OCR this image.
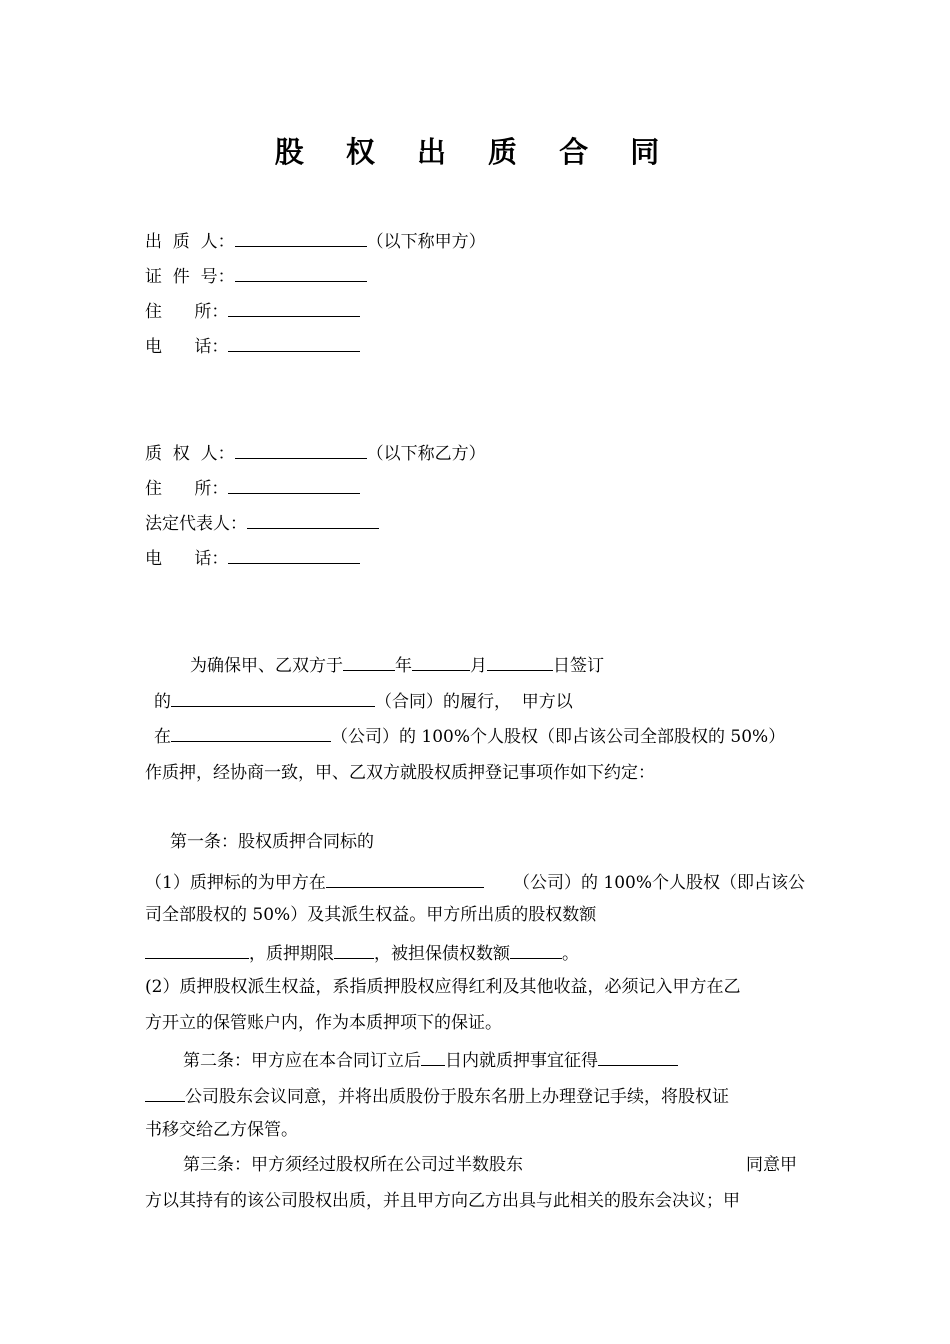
股 权 出 质 合 同
出  质  人：	（以下称甲方）
证  件  号：
住      所：
电      话：
质  权  人：	（以下称乙方）
住      所：
法定代表人：
电      话：
为确保甲、乙双方于	年	月	日签订
的	（合同）的履行，  甲方以
在	（公司）的 100%个人股权（即占该公司全部股权的 50%）
作质押，经协商一致，甲、乙双方就股权质押登记事项作如下约定：
第一条：股权质押合同标的
（1）质押标的为甲方在	（公司）的 100%个人股权（即占该公
司全部股权的 50%）及其派生权益。甲方所出质的股权数额
，质押期限 ，被担保债权数额	。
(2）质押股权派生权益，系指质押股权应得红利及其他收益，必须记入甲方在乙
方开立的保管账户内，作为本质押项下的保证。
第二条：甲方应在本合同订立后 日内就质押事宜征得
公司股东会议同意，并将出质股份于股东名册上办理登记手续，将股权证
书移交给乙方保管。
第三条：甲方须经过股权所在公司过半数股东	同意甲
方以其持有的该公司股权出质，并且甲方向乙方出具与此相关的股东会决议；甲
